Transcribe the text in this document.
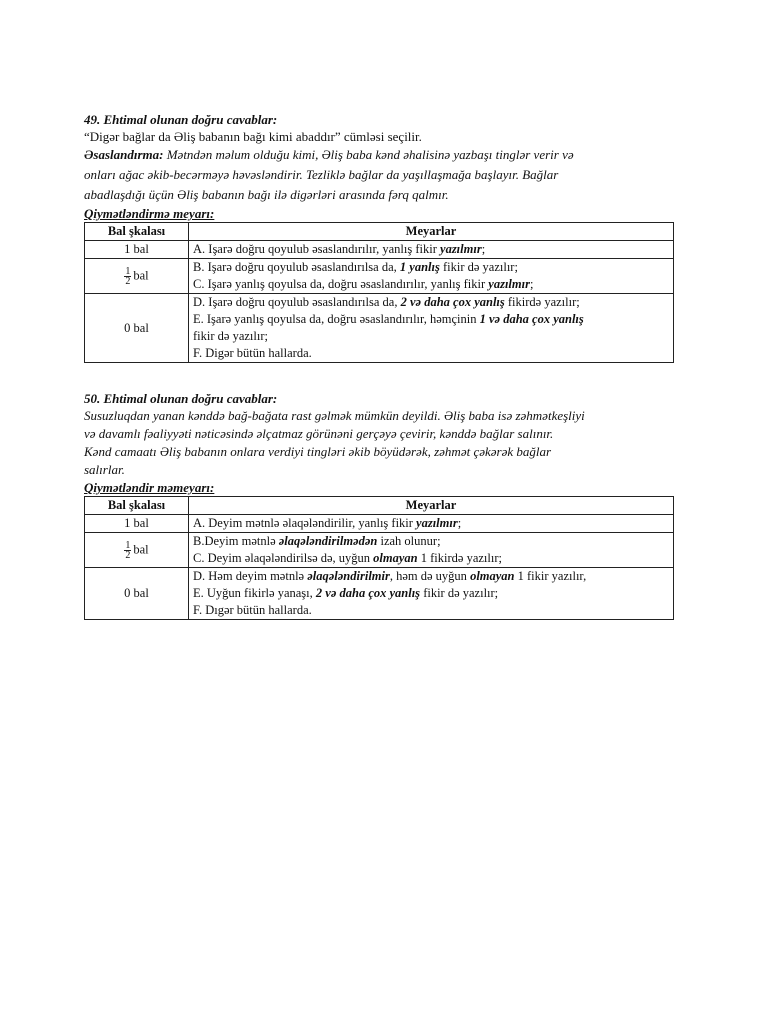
49. Ehtimal olunan doğru cavablar:
“Digər bağlar da Əliş babanın bağı kimi abaddır” cümləsi seçilir.
Əsaslandırma: Mətndən məlum olduğu kimi, Əliş baba kənd əhalisinə yazbaşı tinglər verir və
onları ağac əkib-becərməyə həvəsləndirir. Tezliklə bağlar da yaşıllaşmağa başlayır. Bağlar
abadlaşdığı üçün Əliş babanın bağı ilə digərləri arasında fərq qalmır.
Qiymətləndirmə meyarı:
Bal şkalası	Meyarlar
1 bal	A. Işarə doğru qoyulub əsaslandırılır, yanlış fikir yazılmır;

$\frac{1}{2}$ bal	B. Işarə doğru qoyulub əsaslandırılsa da, 1 yanlış fikir də yazılır;
C. Işarə yanlış qoyulsa da, doğru əsaslandırılır, yanlış fikir yazılmır;
0 bal	D. Işarə doğru qoyulub əsaslandırılsa da, 2 və daha çox yanlış fikirdə yazılır;
E. Işarə yanlış qoyulsa da, doğru əsaslandırılır, həmçinin 1 və daha çox yanlış
fikir də yazılır;
F. Digər bütün hallarda.
50. Ehtimal olunan doğru cavablar:
Susuzluqdan yanan kənddə bağ-bağata rast gəlmək mümkün deyildi. Əliş baba isə zəhmətkeşliyi
və davamlı fəaliyyəti nəticəsində əlçatmaz görünəni gerçəyə çevirir, kənddə bağlar salınır.
Kənd camaatı Əliş babanın onlara verdiyi tingləri əkib böyüdərək, zəhmət çəkərək bağlar
salırlar.
Qiymətləndir məmeyarı:
Bal şkalası	Meyarlar
1 bal	A. Deyim mətnlə əlaqələndirilir, yanlış fikir yazılmır;

$\frac{1}{2}$ bal	B.Deyim mətnlə əlaqələndirilmədən izah olunur;
C. Deyim əlaqələndirilsə də, uyğun olmayan 1 fikirdə yazılır;
0 bal	D. Həm deyim mətnlə əlaqələndirilmir, həm də uyğun olmayan 1 fikir yazılır,
E. Uyğun fikirlə yanaşı, 2 və daha çox yanlış fikir də yazılır;
F. Dıgər bütün hallarda.
